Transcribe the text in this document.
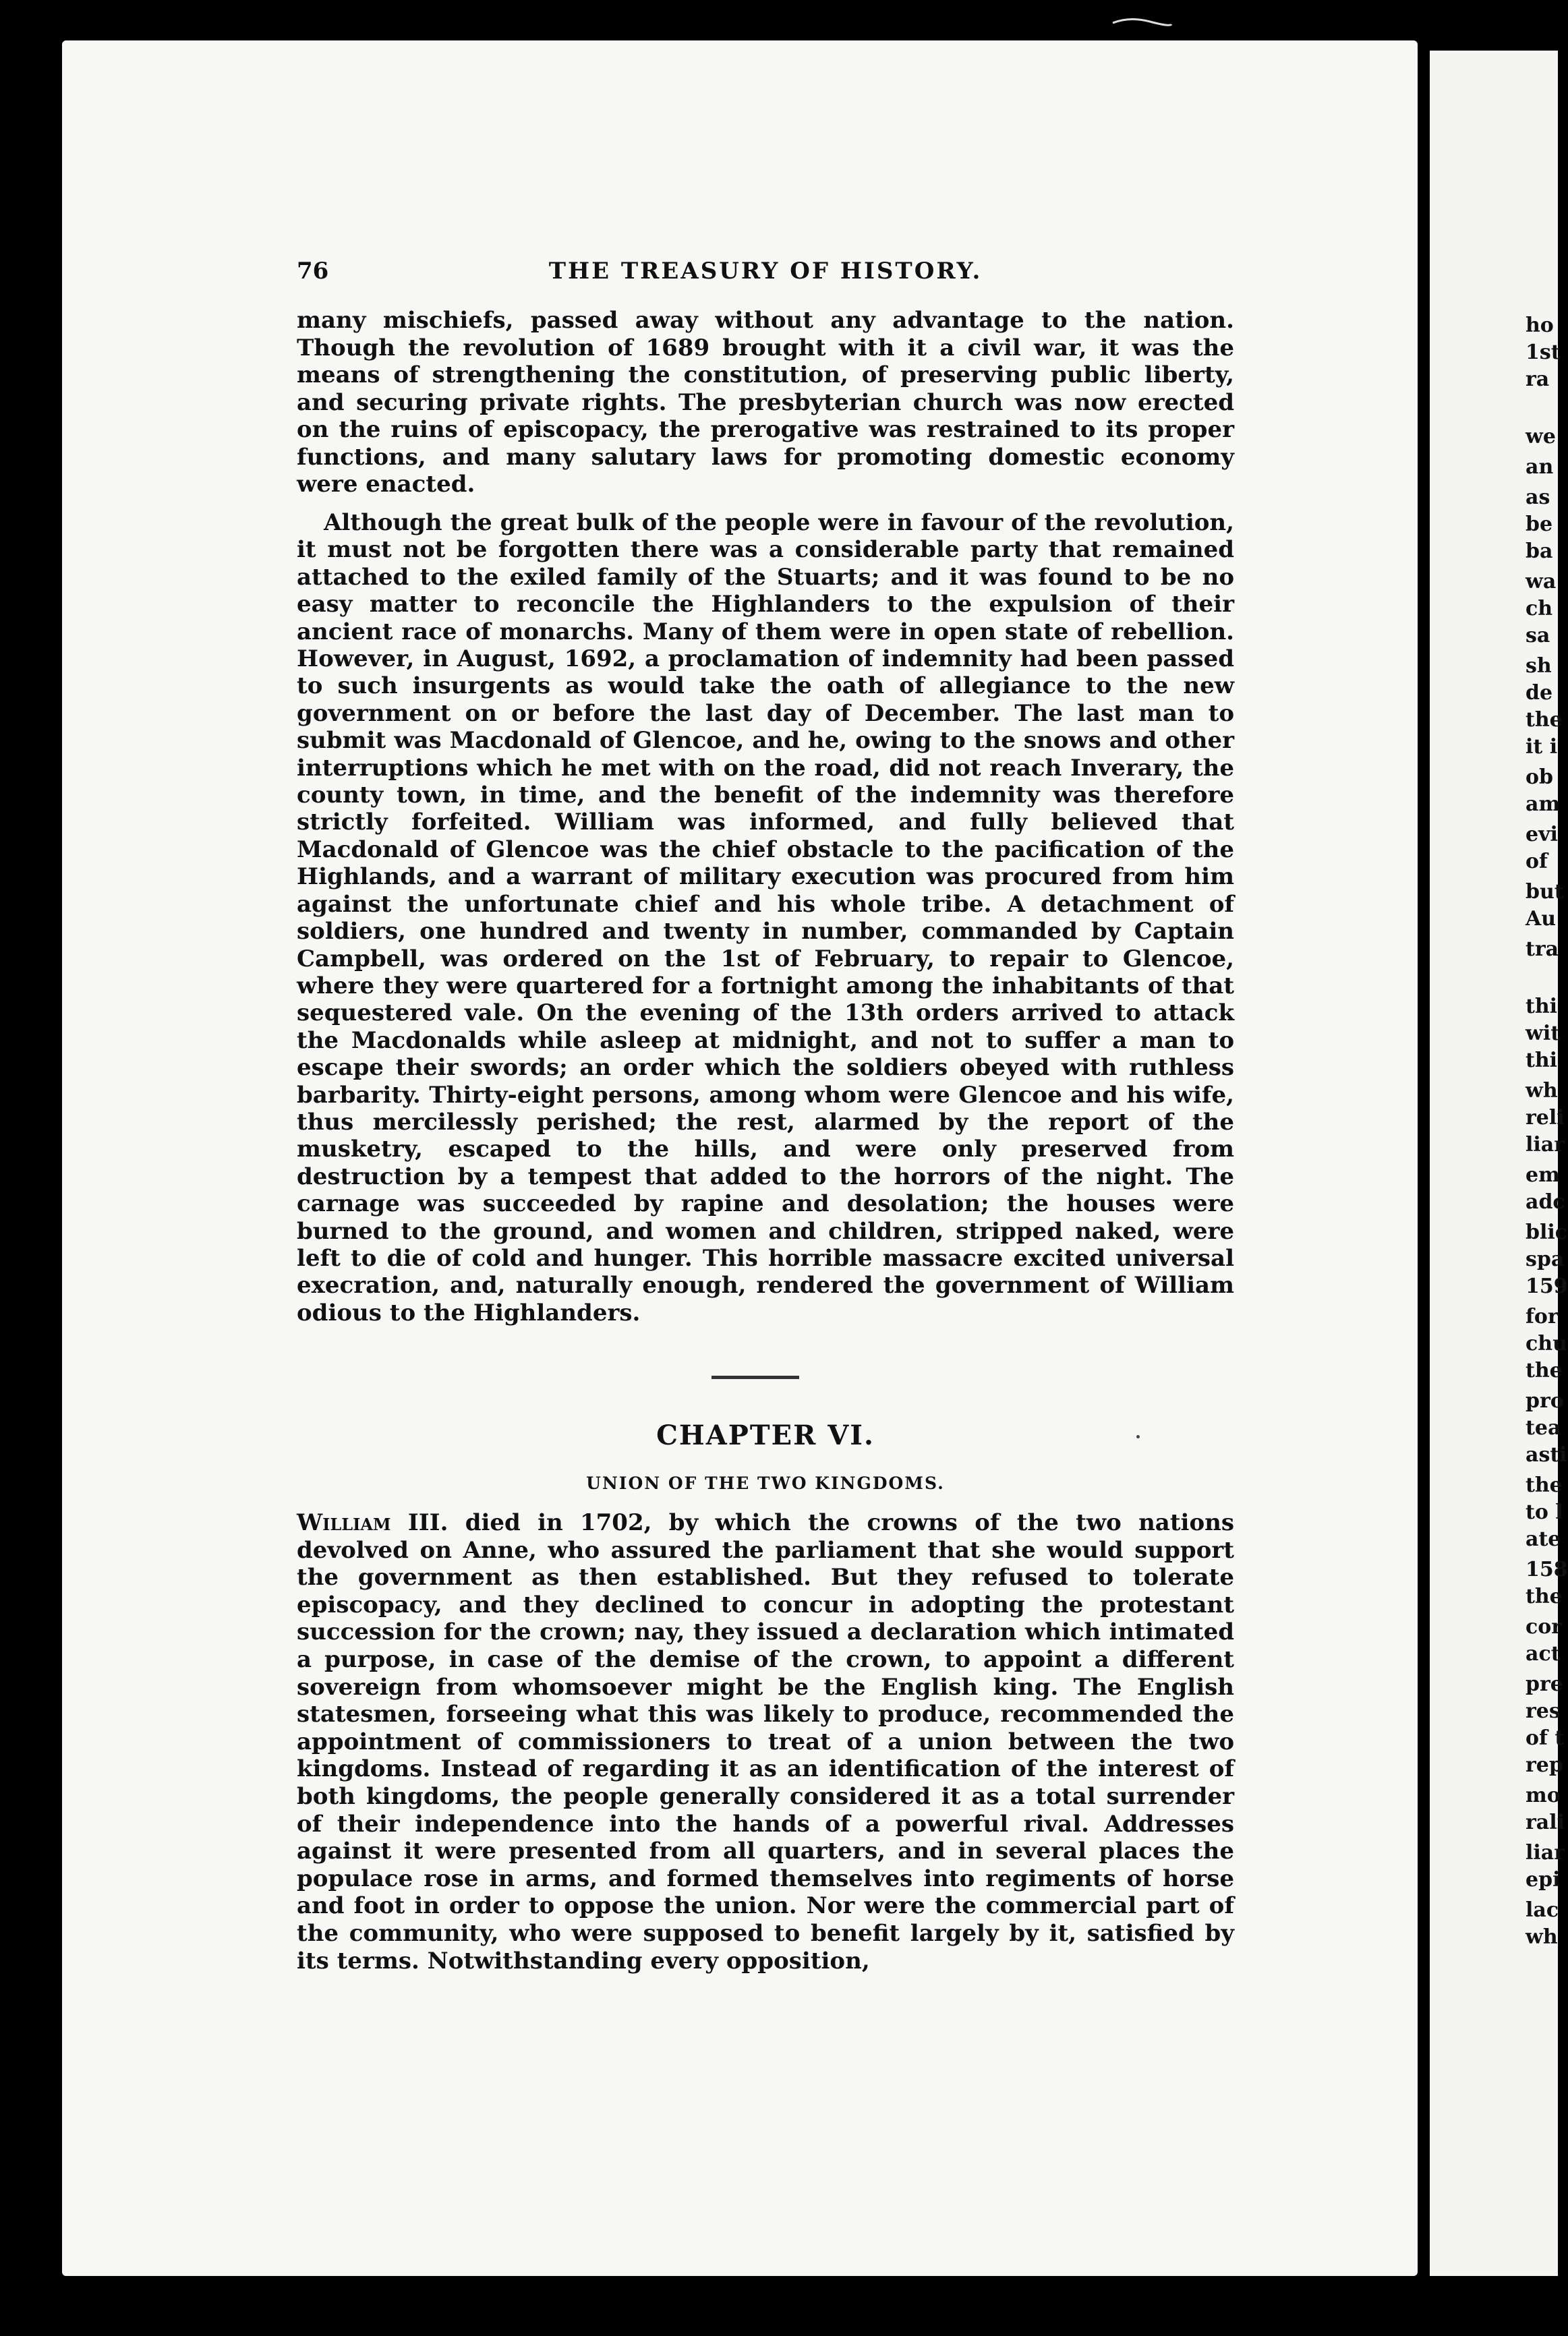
76	THE TREASURY OF HISTORY.

many mischiefs, passed away without any advantage to the nation. Though the revolution of 1689 brought with it a civil war, it was the means of strengthening the constitution, of preserving public liberty, and securing private rights. The presbyterian church was now erected on the ruins of episcopacy, the prerogative was restrained to its proper functions, and many salutary laws for promoting domestic economy were enacted.

Although the great bulk of the people were in favour of the revolution, it must not be forgotten there was a considerable party that remained attached to the exiled family of the Stuarts; and it was found to be no easy matter to reconcile the Highlanders to the expulsion of their ancient race of monarchs. Many of them were in open state of rebellion. However, in August, 1692, a proclamation of indemnity had been passed to such insurgents as would take the oath of allegiance to the new government on or before the last day of December. The last man to submit was Macdonald of Glencoe, and he, owing to the snows and other interruptions which he met with on the road, did not reach Inverary, the county town, in time, and the benefit of the indemnity was therefore strictly forfeited. William was informed, and fully believed that Macdonald of Glencoe was the chief obstacle to the pacification of the Highlands, and a warrant of military execution was procured from him against the unfortunate chief and his whole tribe. A detachment of soldiers, one hundred and twenty in number, commanded by Captain Campbell, was ordered on the 1st of February, to repair to Glencoe, where they were quartered for a fortnight among the inhabitants of that sequestered vale. On the evening of the 13th orders arrived to attack the Macdonalds while asleep at midnight, and not to suffer a man to escape their swords; an order which the soldiers obeyed with ruthless barbarity. Thirty-eight persons, among whom were Glencoe and his wife, thus mercilessly perished; the rest, alarmed by the report of the musketry, escaped to the hills, and were only preserved from destruction by a tempest that added to the horrors of the night. The carnage was succeeded by rapine and desolation; the houses were burned to the ground, and women and children, stripped naked, were left to die of cold and hunger. This horrible massacre excited universal execration, and, naturally enough, rendered the government of William odious to the Highlanders.

CHAPTER VI.
UNION OF THE TWO KINGDOMS.

William III. died in 1702, by which the crowns of the two nations devolved on Anne, who assured the parliament that she would support the government as then established. But they refused to tolerate episcopacy, and they declined to concur in adopting the protestant succession for the crown; nay, they issued a declaration which intimated a purpose, in case of the demise of the crown, to appoint a different sovereign from whomsoever might be the English king. The English statesmen, forseeing what this was likely to produce, recommended the appointment of commissioners to treat of a union between the two kingdoms. Instead of regarding it as an identification of the interest of both kingdoms, the people generally considered it as a total surrender of their independence into the hands of a powerful rival. Addresses against it were presented from all quarters, and in several places the populace rose in arms, and formed themselves into regiments of horse and foot in order to oppose the union. Nor were the commercial part of the community, who were supposed to benefit largely by it, satisfied by its terms. Notwithstanding every opposition,

ho
1st
ra
we
an
as
be
ba
wa
ch
sa
sh
de
the
it i
ob
am
evi
of
but
Au
tra
thi
wit
thi
wh
reli
liar
em
adc
blic
spa
159
for
chu
the
pro
tea
asti
the
to l
ate
158
the
cor
act
pre
res
of t
rep
mo
rali
liar
epi
lac
wh
